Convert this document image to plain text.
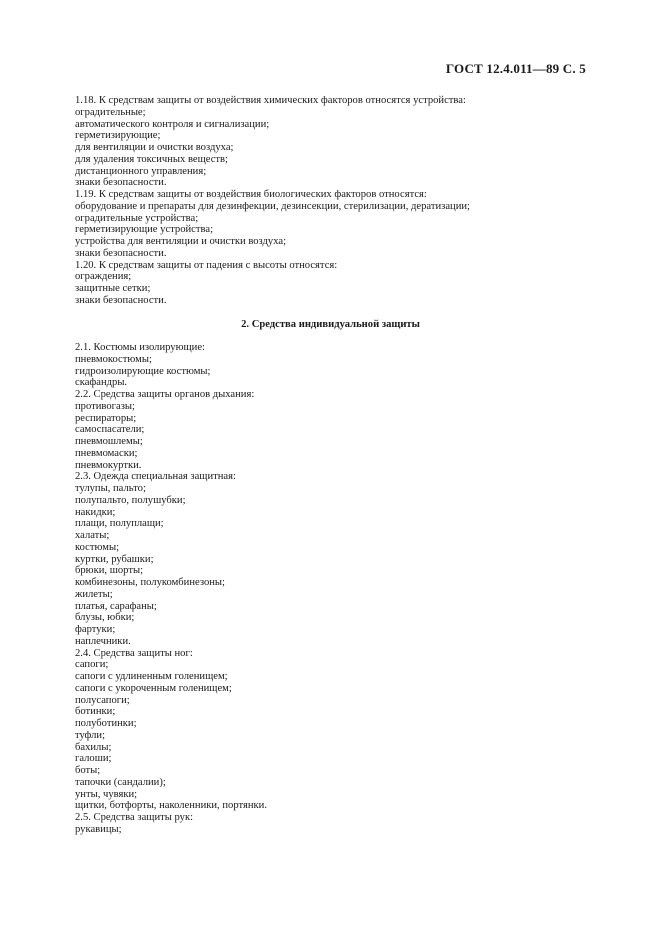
ГОСТ 12.4.011—89 С. 5
1.18. К средствам защиты от воздействия химических факторов относятся устройства:
оградительные;
автоматического контроля и сигнализации;
герметизирующие;
для вентиляции и очистки воздуха;
для удаления токсичных веществ;
дистанционного управления;
знаки безопасности.
1.19. К средствам защиты от воздействия биологических факторов относятся:
оборудование и препараты для дезинфекции, дезинсекции, стерилизации, дератизации;
оградительные устройства;
герметизирующие устройства;
устройства для вентиляции и очистки воздуха;
знаки безопасности.
1.20. К средствам защиты от падения с высоты относятся:
ограждения;
защитные сетки;
знаки безопасности.
2. Средства индивидуальной защиты
2.1. Костюмы изолирующие:
пневмокостюмы;
гидроизолирующие костюмы;
скафандры.
2.2. Средства защиты органов дыхания:
противогазы;
респираторы;
самоспасатели;
пневмошлемы;
пневмомаски;
пневмокуртки.
2.3. Одежда специальная защитная:
тулупы, пальто;
полупальто, полушубки;
накидки;
плащи, полуплащи;
халаты;
костюмы;
куртки, рубашки;
брюки, шорты;
комбинезоны, полукомбинезоны;
жилеты;
платья, сарафаны;
блузы, юбки;
фартуки;
наплечники.
2.4. Средства защиты ног:
сапоги;
сапоги с удлиненным голенищем;
сапоги с укороченным голенищем;
полусапоги;
ботинки;
полуботинки;
туфли;
бахилы;
галоши;
боты;
тапочки (сандалии);
унты, чувяки;
щитки, ботфорты, наколенники, портянки.
2.5. Средства защиты рук:
рукавицы;
